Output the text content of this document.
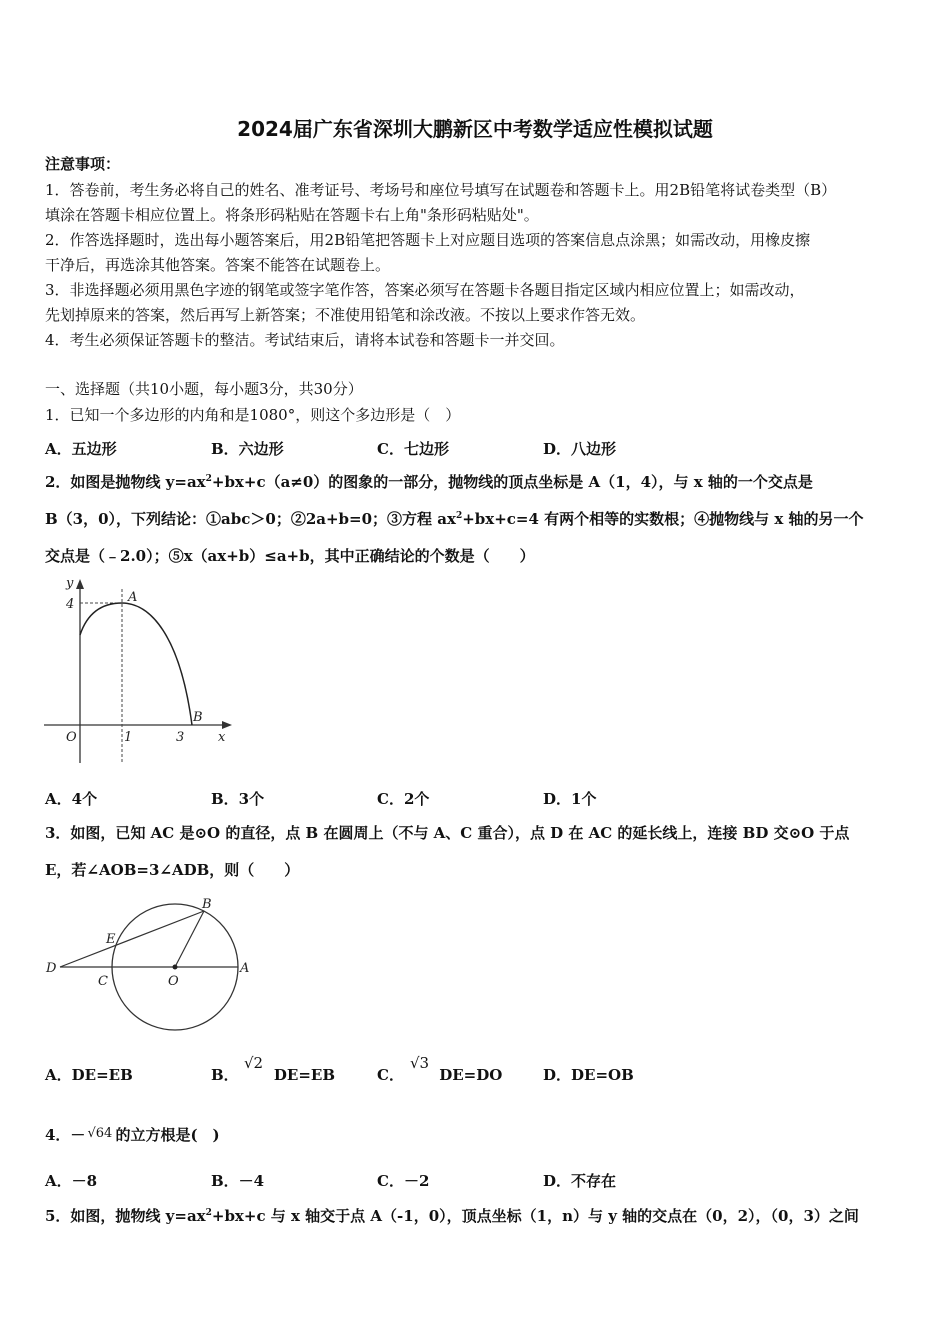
2024届广东省深圳大鹏新区中考数学适应性模拟试题
注意事项：
1．答卷前，考生务必将自己的姓名、准考证号、考场号和座位号填写在试题卷和答题卡上。用2B铅笔将试卷类型（B）
填涂在答题卡相应位置上。将条形码粘贴在答题卡右上角"条形码粘贴处"。
2．作答选择题时，选出每小题答案后，用2B铅笔把答题卡上对应题目选项的答案信息点涂黑；如需改动，用橡皮擦
干净后，再选涂其他答案。答案不能答在试题卷上。
3．非选择题必须用黑色字迹的钢笔或签字笔作答，答案必须写在答题卡各题目指定区域内相应位置上；如需改动，
先划掉原来的答案，然后再写上新答案；不准使用铅笔和涂改液。不按以上要求作答无效。
4．考生必须保证答题卡的整洁。考试结束后，请将本试卷和答题卡一并交回。
一、选择题（共10小题，每小题3分，共30分）
1．已知一个多边形的内角和是1080°，则这个多边形是（　）
A．五边形	B．六边形	C．七边形	D．八边形
2．如图是抛物线 $y=ax^2+bx+c(a\ne 0)$的图象的一部分，抛物线的顶点坐标是 A（1，4），与 x 轴的一个交点是
B（3，0），下列结论：①abc＞0；②2a+b=0；③方程 $ax^2+bx+c=4$ 有两个相等的实数根；④抛物线与 x 轴的另一个
交点是（﹣2.0）；⑤x（ax+b）≤a+b，其中正确结论的个数是（　　）
y
x
O	1	3
4	A
B
A．4个	B．3个	C．2个	D．1个
3．如图，已知 AC 是⊙O 的直径，点 B 在圆周上（不与 A、C 重合），点 D 在 AC 的延长线上，连接 BD 交⊙O 于点
E，若∠AOB=3∠ADB，则（　　）
B
E
D
C	O
A
A．DE=EB	B．
√2
DE=EB	C．
√3
DE=DO	D．DE=OB
4．－ √64 的立方根是(　)
A．－8	B．－4	C．－2	D．不存在
5．如图，抛物线 $y=ax^2+bx+c$ 与 x 轴交于点 A（-1，0），顶点坐标（1，n）与 y 轴的交点在（0，2），（0，3）之间
